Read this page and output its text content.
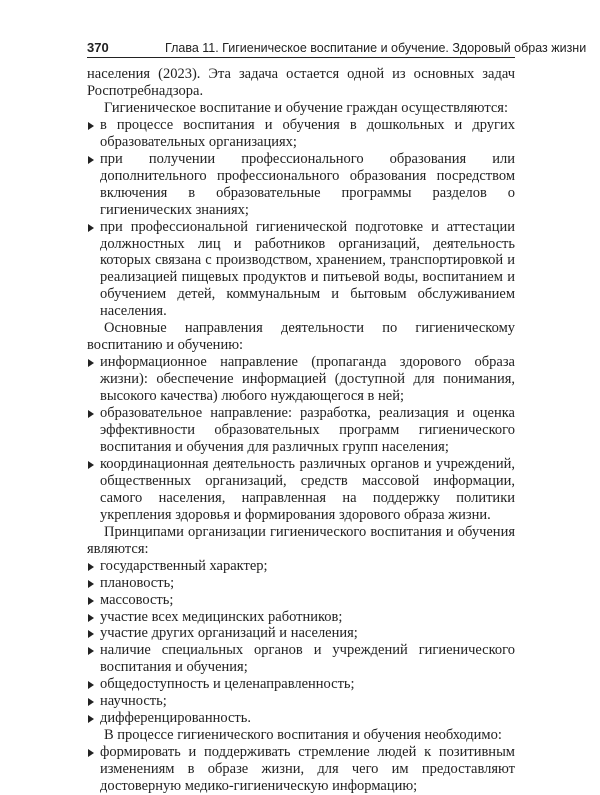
370	Глава 11. Гигиеническое воспитание и обучение. Здоровый образ жизни

населения (2023). Эта задача остается одной из основных задач Роспотребнадзора.

Гигиеническое воспитание и обучение граждан осуществляются:

в процессе воспитания и обучения в дошкольных и других образовательных организациях;

при получении профессионального образования или дополнительного профессионального образования посредством включения в образовательные программы разделов о гигиенических знаниях;

при профессиональной гигиенической подготовке и аттестации должностных лиц и работников организаций, деятельность которых связана с производством, хранением, транспортировкой и реализацией пищевых продуктов и питьевой воды, воспитанием и обучением детей, коммунальным и бытовым обслуживанием населения.

Основные направления деятельности по гигиеническому воспитанию и обучению:

информационное направление (пропаганда здорового образа жизни): обеспечение информацией (доступной для понимания, высокого качества) любого нуждающегося в ней;

образовательное направление: разработка, реализация и оценка эффективности образовательных программ гигиенического воспитания и обучения для различных групп населения;

координационная деятельность различных органов и учреждений, общественных организаций, средств массовой информации, самого населения, направленная на поддержку политики укрепления здоровья и формирования здорового образа жизни.

Принципами организации гигиенического воспитания и обучения являются:

государственный характер;

плановость;

массовость;

участие всех медицинских работников;

участие других организаций и населения;

наличие специальных органов и учреждений гигиенического воспитания и обучения;

общедоступность и целенаправленность;

научность;

дифференцированность.

В процессе гигиенического воспитания и обучения необходимо:

формировать и поддерживать стремление людей к позитивным изменениям в образе жизни, для чего им предоставляют достоверную медико-гигиеническую информацию;
